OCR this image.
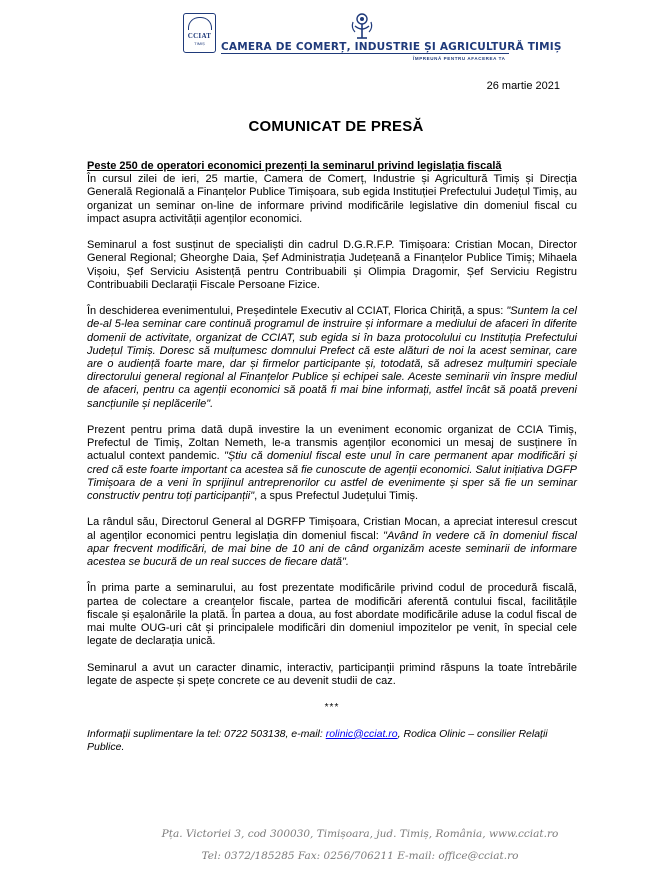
CCIAT
TIMIȘ	CAMERA DE COMERȚ, INDUSTRIE ȘI AGRICULTURĂ TIMIȘ
ÎMPREUNĂ PENTRU AFACEREA TA
26 martie 2021
COMUNICAT DE PRESĂ

Peste 250 de operatori economici prezenți la seminarul privind legislația fiscală
În cursul zilei de ieri, 25 martie, Camera de Comerț, Industrie și Agricultură Timiș și Direcția Generală Regională a Finanțelor Publice Timișoara, sub egida Instituției Prefectului Județul Timiș, au organizat un seminar on-line de informare privind modificările legislative din domeniul fiscal cu impact asupra activității agenților economici.

Seminarul a fost susținut de specialiști din cadrul D.G.R.F.P. Timișoara: Cristian Mocan, Director General Regional; Gheorghe Daia, Șef Administrația Județeană a Finanțelor Publice Timiș; Mihaela Vișoiu, Șef Serviciu Asistență pentru Contribuabili și Olimpia Dragomir, Șef Serviciu Registru Contribuabili Declarații Fiscale Persoane Fizice.

În deschiderea evenimentului, Președintele Executiv al CCIAT, Florica Chiriță, a spus: "Suntem la cel de-al 5-lea seminar care continuă programul de instruire și informare a mediului de afaceri în diferite domenii de activitate, organizat de CCIAT, sub egida si în baza protocolului cu Instituția Prefectului Județul Timiș. Doresc să mulțumesc domnului Prefect că este alături de noi la acest seminar, care are o audiență foarte mare, dar și firmelor participante și, totodată, să adresez mulțumiri speciale directorului general regional al Finanțelor Publice și echipei sale. Aceste seminarii vin înspre mediul de afaceri, pentru ca agenții economici să poată fi mai bine informați, astfel încât să poată preveni sancțiunile și neplăcerile".

Prezent pentru prima dată după investire la un eveniment economic organizat de CCIA Timiș, Prefectul de Timiș, Zoltan Nemeth, le-a transmis agenților economici un mesaj de susținere în actualul context pandemic. "Știu că domeniul fiscal este unul în care permanent apar modificări și cred că este foarte important ca acestea să fie cunoscute de agenții economici. Salut inițiativa DGFP Timișoara de a veni în sprijinul antreprenorilor cu astfel de evenimente și sper să fie un seminar constructiv pentru toți participanții", a spus Prefectul Județului Timiș.

La rândul său, Directorul General al DGRFP Timișoara, Cristian Mocan, a apreciat interesul crescut al agenților economici pentru legislația din domeniul fiscal: "Având în vedere că în domeniul fiscal apar frecvent modificări, de mai bine de 10 ani de când organizăm aceste seminarii de informare acestea se bucură de un real succes de fiecare dată".

În prima parte a seminarului, au fost prezentate modificările privind codul de procedură fiscală, partea de colectare a creanțelor fiscale, partea de modificări aferentă contului fiscal, facilitățile fiscale și eșalonările la plată. În partea a doua, au fost abordate modificările aduse la codul fiscal de mai multe OUG-uri cât și principalele modificări din domeniul impozitelor pe venit, în special cele legate de declarația unică.

Seminarul a avut un caracter dinamic, interactiv, participanții primind răspuns la toate întrebările legate de aspecte și spețe concrete ce au devenit studii de caz.

***

Informații suplimentare la tel: 0722 503138, e-mail: rolinic@cciat.ro, Rodica Olinic – consilier Relații Publice.

Pța. Victoriei 3, cod 300030, Timișoara, jud. Timiș, România, www.cciat.ro
Tel: 0372/185285 Fax: 0256/706211 E-mail: office@cciat.ro
